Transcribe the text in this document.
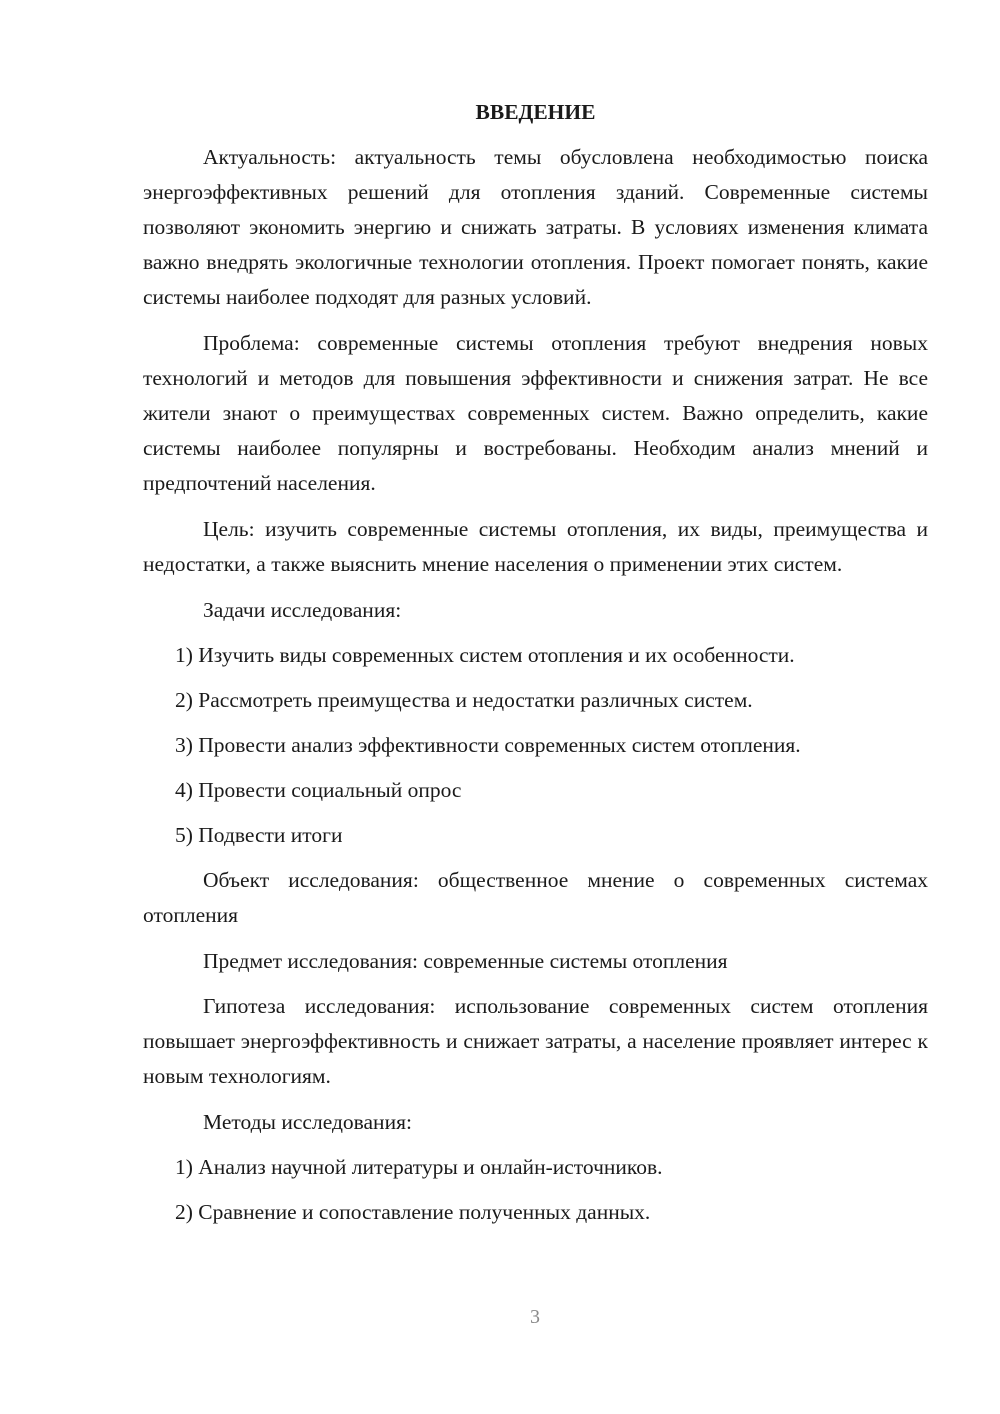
ВВЕДЕНИЕ

Актуальность: актуальность темы обусловлена необходимостью поиска энергоэффективных решений для отопления зданий. Современные системы позволяют экономить энергию и снижать затраты. В условиях изменения климата важно внедрять экологичные технологии отопления. Проект помогает понять, какие системы наиболее подходят для разных условий.

Проблема: современные системы отопления требуют внедрения новых технологий и методов для повышения эффективности и снижения затрат. Не все жители знают о преимуществах современных систем. Важно определить, какие системы наиболее популярны и востребованы. Необходим анализ мнений и предпочтений населения.

Цель: изучить современные системы отопления, их виды, преимущества и недостатки, а также выяснить мнение населения о применении этих систем.

Задачи исследования:

1) Изучить виды современных систем отопления и их особенности.

2) Рассмотреть преимущества и недостатки различных систем.

3) Провести анализ эффективности современных систем отопления.

4) Провести социальный опрос

5) Подвести итоги

Объект исследования: общественное мнение о современных системах отопления

Предмет исследования: современные системы отопления

Гипотеза исследования: использование современных систем отопления повышает энергоэффективность и снижает затраты, а население проявляет интерес к новым технологиям.

Методы исследования:

1) Анализ научной литературы и онлайн-источников.

2) Сравнение и сопоставление полученных данных.

3
